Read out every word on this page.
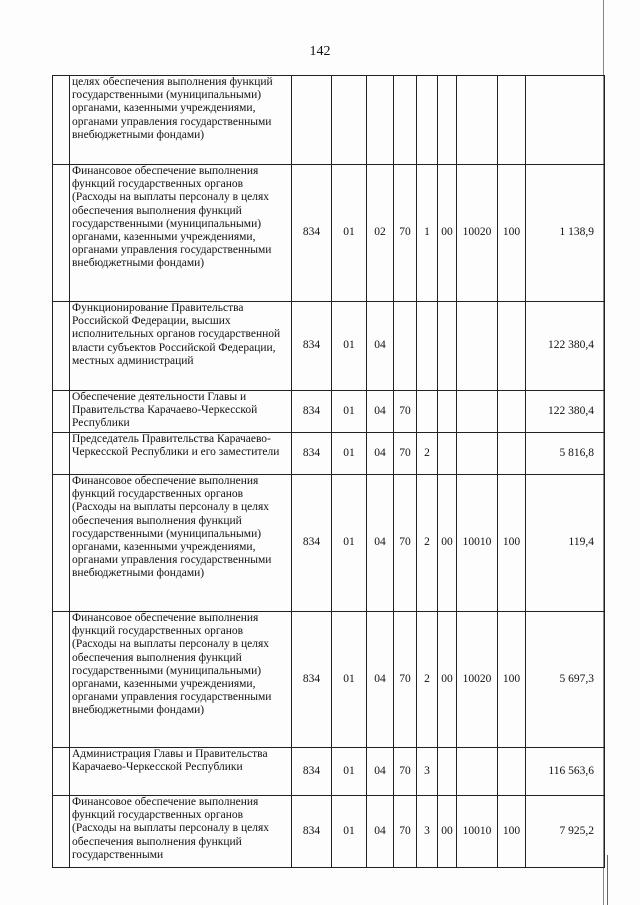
142
	целях обеспечения выполнения функций государственными (муниципальными) органами, казенными учреждениями, органами управления государственными внебюджетными фондами)									
	Финансовое обеспечение выполнения функций государственных органов (Расходы на выплаты персоналу в целях обеспечения выполнения функций государственными (муниципальными) органами, казенными учреждениями, органами управления государственными внебюджетными фондами)	834	01	02	70	1	00	10020	100	1 138,9
	Функционирование Правительства Российской Федерации, высших исполнительных органов государственной власти субъектов Российской Федерации, местных администраций	834	01	04						122 380,4
	Обеспечение деятельности Главы и Правительства Карачаево-Черкесской Республики	834	01	04	70					122 380,4
	Председатель Правительства Карачаево-Черкесской Республики и его заместители	834	01	04	70	2				5 816,8
	Финансовое обеспечение выполнения функций государственных органов (Расходы на выплаты персоналу в целях обеспечения выполнения функций государственными (муниципальными) органами, казенными учреждениями, органами управления государственными внебюджетными фондами)	834	01	04	70	2	00	10010	100	119,4
	Финансовое обеспечение выполнения функций государственных органов (Расходы на выплаты персоналу в целях обеспечения выполнения функций государственными (муниципальными) органами, казенными учреждениями, органами управления государственными внебюджетными фондами)	834	01	04	70	2	00	10020	100	5 697,3
	Администрация Главы и Правительства Карачаево-Черкесской Республики	834	01	04	70	3				116 563,6
	Финансовое обеспечение выполнения функций государственных органов (Расходы на выплаты персоналу в целях обеспечения выполнения функций государственными	834	01	04	70	3	00	10010	100	7 925,2
